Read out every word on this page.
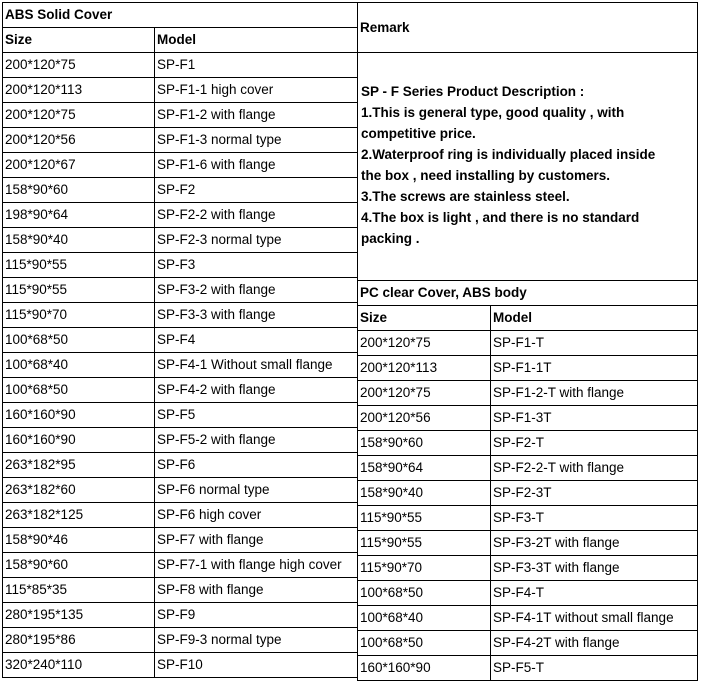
ABS Solid Cover
Size	Model
Remark
SP - F Series Product Description :
1.This is general type, good quality , with
competitive price.
2.Waterproof ring is individually placed inside
the box , need installing by customers.
3.The screws are stainless steel.
4.The box is light , and there is no standard
packing .
PC clear Cover, ABS body
Size	Model
200*120*75	SP-F1
200*120*113	SP-F1-1 high cover
200*120*75	SP-F1-2 with flange
200*120*56	SP-F1-3 normal type
200*120*67	SP-F1-6 with flange
158*90*60	SP-F2
198*90*64	SP-F2-2 with flange
158*90*40	SP-F2-3 normal type
115*90*55	SP-F3
115*90*55	SP-F3-2 with flange
115*90*70	SP-F3-3 with flange
100*68*50	SP-F4
100*68*40	SP-F4-1 Without small flange
100*68*50	SP-F4-2 with flange
160*160*90	SP-F5
160*160*90	SP-F5-2 with flange
263*182*95	SP-F6
263*182*60	SP-F6 normal type
263*182*125	SP-F6 high cover
158*90*46	SP-F7 with flange
158*90*60	SP-F7-1 with flange high cover
115*85*35	SP-F8 with flange
280*195*135	SP-F9
280*195*86	SP-F9-3 normal type
320*240*110	SP-F10
200*120*75	SP-F1-T
200*120*113	SP-F1-1T
200*120*75	SP-F1-2-T with flange
200*120*56	SP-F1-3T
158*90*60	SP-F2-T
158*90*64	SP-F2-2-T with flange
158*90*40	SP-F2-3T
115*90*55	SP-F3-T
115*90*55	SP-F3-2T with flange
115*90*70	SP-F3-3T with flange
100*68*50	SP-F4-T
100*68*40	SP-F4-1T without small flange
100*68*50	SP-F4-2T with flange
160*160*90	SP-F5-T
